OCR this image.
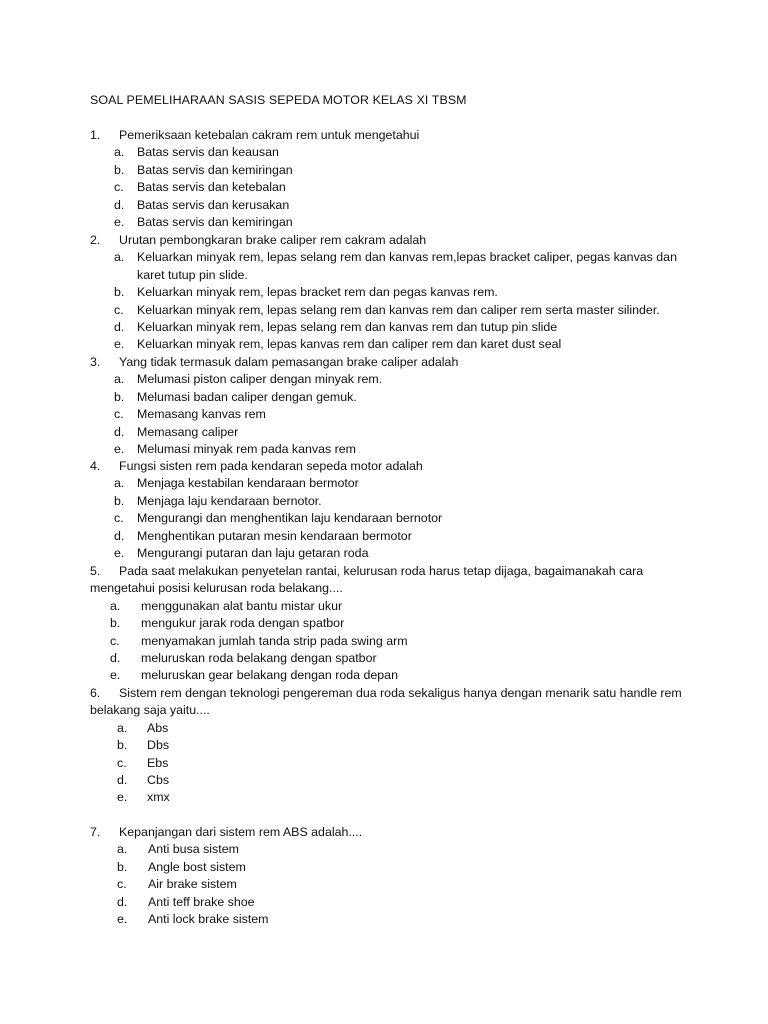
SOAL PEMELIHARAAN SASIS SEPEDA MOTOR KELAS XI TBSM
1. Pemeriksaan ketebalan cakram rem untuk mengetahui
a. Batas servis dan keausan
b. Batas servis dan kemiringan
c. Batas servis dan ketebalan
d. Batas servis dan kerusakan
e. Batas servis dan kemiringan
2. Urutan pembongkaran brake caliper rem cakram adalah
a. Keluarkan minyak rem, lepas selang rem dan kanvas rem,lepas bracket caliper, pegas kanvas dan karet tutup pin slide.
b. Keluarkan minyak rem, lepas bracket rem dan pegas kanvas rem.
c. Keluarkan minyak rem, lepas selang rem dan kanvas rem dan caliper rem serta master silinder.
d. Keluarkan minyak rem, lepas selang rem dan kanvas rem dan tutup pin slide
e. Keluarkan minyak rem, lepas kanvas rem dan caliper rem dan karet dust seal
3. Yang tidak termasuk dalam pemasangan brake caliper adalah
a. Melumasi piston caliper dengan minyak rem.
b. Melumasi badan caliper dengan gemuk.
c. Memasang kanvas rem
d. Memasang caliper
e. Melumasi minyak rem pada kanvas rem
4. Fungsi sisten rem pada kendaran sepeda motor adalah
a. Menjaga kestabilan kendaraan bermotor
b. Menjaga laju kendaraan bernotor.
c. Mengurangi dan menghentikan laju kendaraan bernotor
d. Menghentikan putaran mesin kendaraan bermotor
e. Mengurangi putaran dan laju getaran roda
5.	Pada saat melakukan penyetelan rantai, kelurusan roda harus tetap dijaga, bagaimanakah cara mengetahui posisi kelurusan roda belakang....
a. menggunakan alat bantu mistar ukur
b. mengukur jarak roda dengan spatbor
c. menyamakan jumlah tanda strip pada swing arm
d. meluruskan roda belakang dengan spatbor
e. meluruskan gear belakang dengan roda depan
6.	Sistem rem dengan teknologi pengereman dua roda sekaligus hanya dengan menarik satu handle rem belakang saja yaitu....
a. Abs
b. Dbs
c. Ebs
d. Cbs
e. xmx
7. Kepanjangan dari sistem rem ABS adalah....
a. Anti busa sistem
b. Angle bost sistem
c. Air brake sistem
d. Anti teff brake shoe
e. Anti lock brake sistem
